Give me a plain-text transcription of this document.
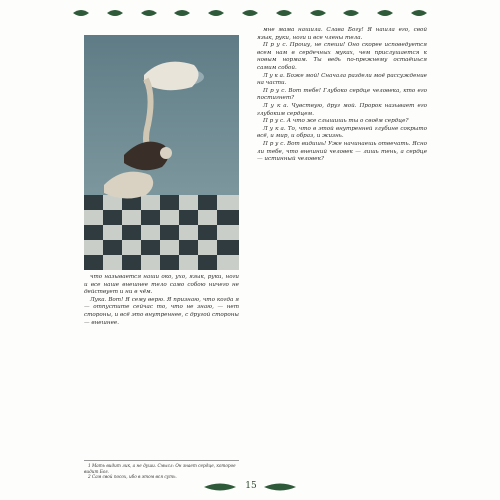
мне мама нашила. Слава Богу! Я нашла его, свой язык, руки, ноги и все члены тела.

П р у с. Прошу, не спеши! Оно скорее исповедуется всем нам в сердечных муках, чем прислушается к новым нормам. Ты ведь по-прежнему остаёшься самим собой.

Л у к а. Боже мой! Сначала раздели моё рассуждение на части.

П р у с. Вот тебе! Глубоко сердце человека, кто его постигнет?

Л у к а. Чувствую, друг мой. Пророк называет его глубоким сердцем.

П р у с. А что же слышишь ты о своём сердце?

Л у к а. То, что в этой внутренней глубине сокрыто всё, и мир, и образ, и жизнь.

П р у с. Вот видишь! Уже начинаешь отвечать. Ясно ли тебе, что внешний человек — лишь тень, а сердце — истинный человек?

что называется наши око, ухо, язык, руки, ноги и все наше внешнее тело само собою ничего не действует и ни в чём.

Лука. Вот! Я сему верю. Я признаю, что когда я — отпустите сейчас то, что не знаю, — нет стороны, и всё это внутреннее, с другой стороны — внешнее.

1 Мать видит лик, а не души. Смысл: Он знает сердце, которое видит Бог.

2 Сам свой посох, ибо в этом вся суть.

15
